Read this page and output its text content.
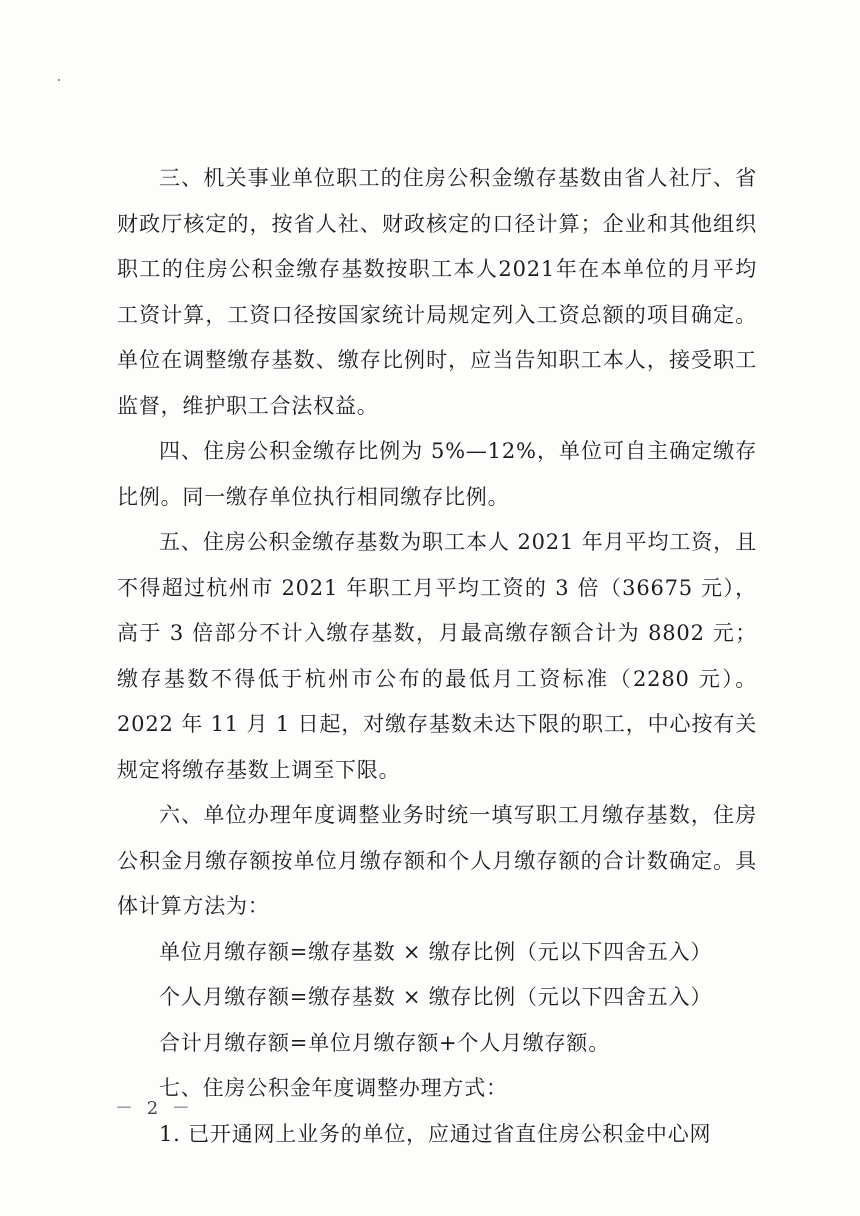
三、机关事业单位职工的住房公积金缴存基数由省人社厅、省财政厅核定的，按省人社、财政核定的口径计算；企业和其他组织职工的住房公积金缴存基数按职工本人2021年在本单位的月平均工资计算，工资口径按国家统计局规定列入工资总额的项目确定。单位在调整缴存基数、缴存比例时，应当告知职工本人，接受职工监督，维护职工合法权益。

四、住房公积金缴存比例为 5%—12%，单位可自主确定缴存比例。同一缴存单位执行相同缴存比例。

五、住房公积金缴存基数为职工本人 2021 年月平均工资，且不得超过杭州市 2021 年职工月平均工资的 3 倍（36675 元），高于 3 倍部分不计入缴存基数，月最高缴存额合计为 8802 元；缴存基数不得低于杭州市公布的最低月工资标准（2280 元）。2022 年 11 月 1 日起，对缴存基数未达下限的职工，中心按有关规定将缴存基数上调至下限。

六、单位办理年度调整业务时统一填写职工月缴存基数，住房公积金月缴存额按单位月缴存额和个人月缴存额的合计数确定。具体计算方法为：

单位月缴存额=缴存基数 × 缴存比例（元以下四舍五入）

个人月缴存额=缴存基数 × 缴存比例（元以下四舍五入）

合计月缴存额=单位月缴存额+个人月缴存额。

七、住房公积金年度调整办理方式：

1. 已开通网上业务的单位，应通过省直住房公积金中心网

－ 2 －
